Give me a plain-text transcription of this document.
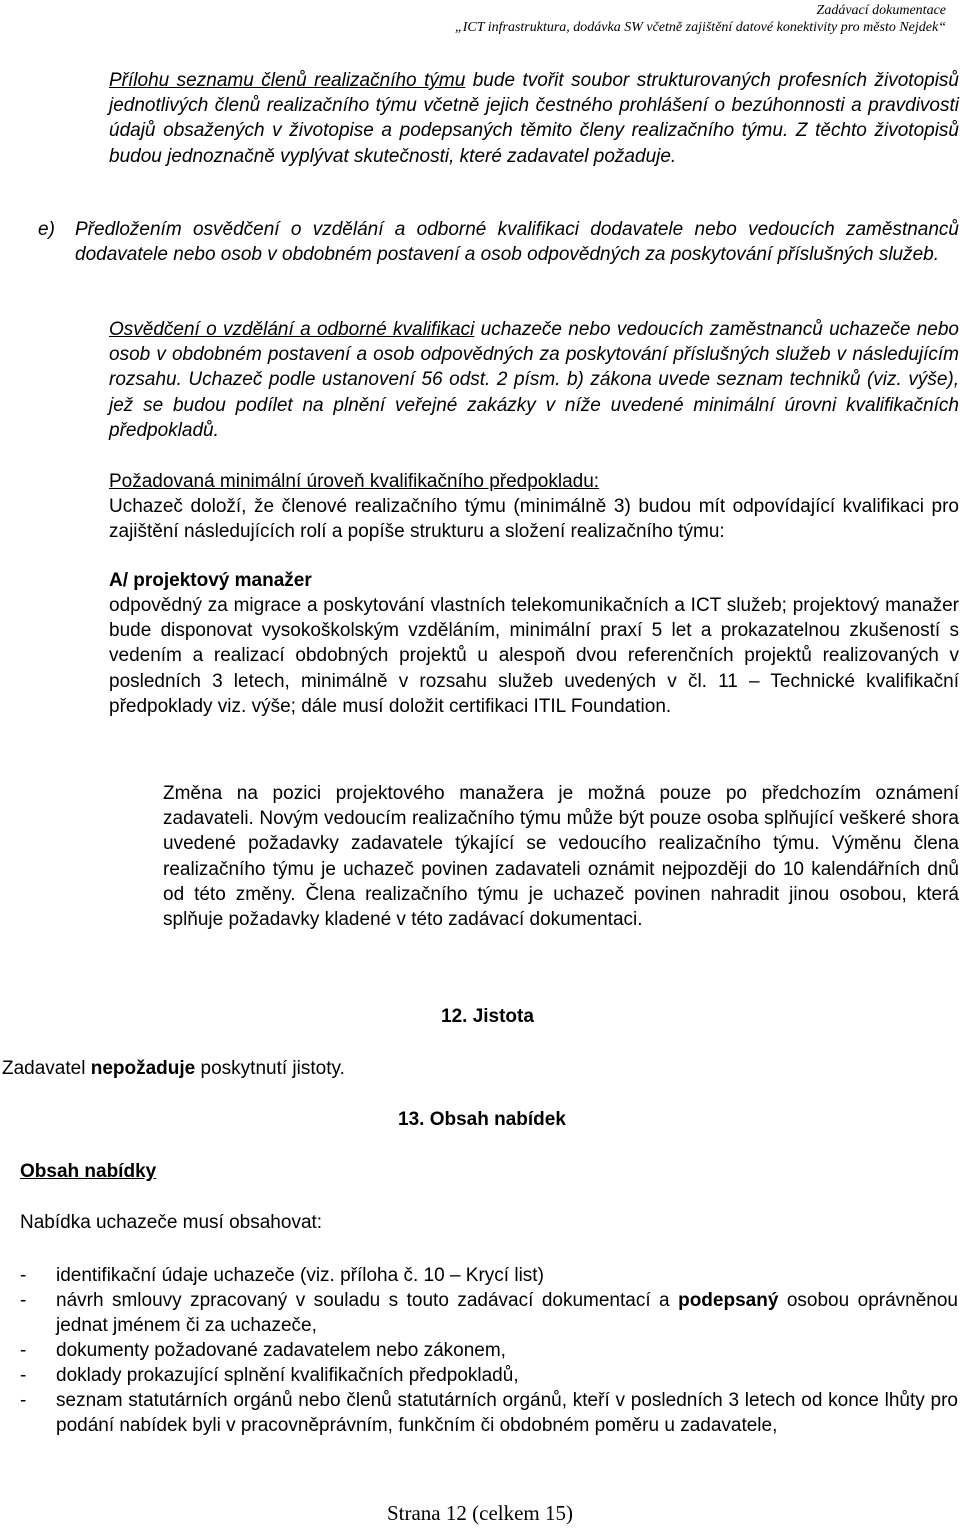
Zadávací dokumentace
„ICT infrastruktura, dodávka SW včetně zajištění datové konektivity pro město Nejdek“

Přílohu seznamu členů realizačního týmu bude tvořit soubor strukturovaných profesních životopisů jednotlivých členů realizačního týmu včetně jejich čestného prohlášení o bezúhonnosti a pravdivosti údajů obsažených v životopise a podepsaných těmito členy realizačního týmu. Z těchto životopisů budou jednoznačně vyplývat skutečnosti, které zadavatel požaduje.

e) Předložením osvědčení o vzdělání a odborné kvalifikaci dodavatele nebo vedoucích zaměstnanců dodavatele nebo osob v obdobném postavení a osob odpovědných za poskytování příslušných služeb.

Osvědčení o vzdělání a odborné kvalifikaci uchazeče nebo vedoucích zaměstnanců uchazeče nebo osob v obdobném postavení a osob odpovědných za poskytování příslušných služeb v následujícím rozsahu. Uchazeč podle ustanovení 56 odst. 2 písm. b) zákona uvede seznam techniků (viz. výše), jež se budou podílet na plnění veřejné zakázky v níže uvedené minimální úrovni kvalifikačních předpokladů.

Požadovaná minimální úroveň kvalifikačního předpokladu:
Uchazeč doloží, že členové realizačního týmu (minimálně 3) budou mít odpovídající kvalifikaci pro zajištění následujících rolí a popíše strukturu a složení realizačního týmu:

A/ projektový manažer

odpovědný za migrace a poskytování vlastních telekomunikačních a ICT služeb; projektový manažer bude disponovat vysokoškolským vzděláním, minimální praxí 5 let a prokazatelnou zkušeností s vedením a realizací obdobných projektů u alespoň dvou referenčních projektů realizovaných v posledních 3 letech, minimálně v rozsahu služeb uvedených v čl. 11 – Technické kvalifikační předpoklady viz. výše; dále musí doložit certifikaci ITIL Foundation.

Změna na pozici projektového manažera je možná pouze po předchozím oznámení zadavateli. Novým vedoucím realizačního týmu může být pouze osoba splňující veškeré shora uvedené požadavky zadavatele týkající se vedoucího realizačního týmu. Výměnu člena realizačního týmu je uchazeč povinen zadavateli oznámit nejpozději do 10 kalendářních dnů od této změny. Člena realizačního týmu je uchazeč povinen nahradit jinou osobou, která splňuje požadavky kladené v této zadávací dokumentaci.

12. Jistota
Zadavatel nepožaduje poskytnutí jistoty.
13. Obsah nabídek
Obsah nabídky
Nabídka uchazeče musí obsahovat:
- identifikační údaje uchazeče (viz. příloha č. 10 – Krycí list)
- návrh smlouvy zpracovaný v souladu s touto zadávací dokumentací a podepsaný osobou oprávněnou jednat jménem či za uchazeče,
- dokumenty požadované zadavatelem nebo zákonem,
- doklady prokazující splnění kvalifikačních předpokladů,
- seznam statutárních orgánů nebo členů statutárních orgánů, kteří v posledních 3 letech od konce lhůty pro podání nabídek byli v pracovněprávním, funkčním či obdobném poměru u zadavatele,
Strana 12 (celkem 15)
